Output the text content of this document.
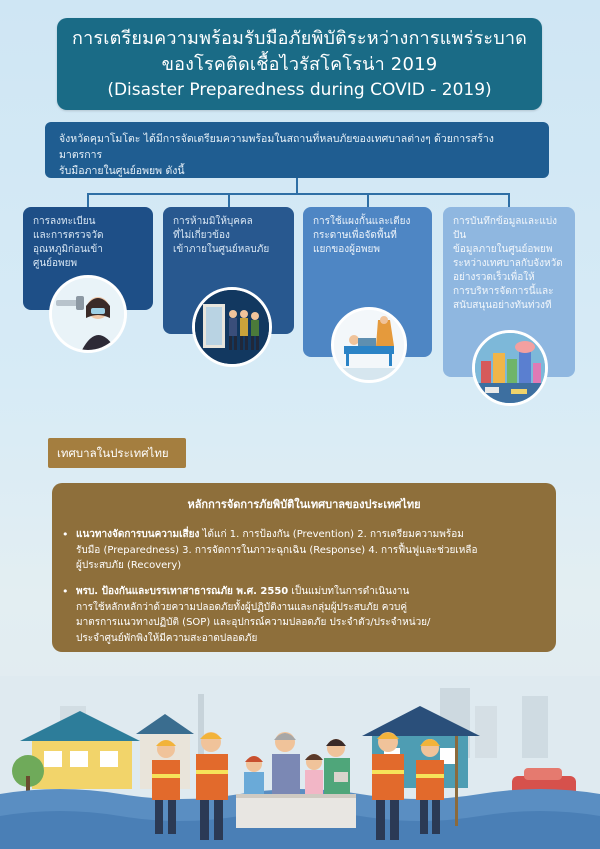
การเตรียมความพร้อมรับมือภัยพิบัติระหว่างการแพร่ระบาด
ของโรคติดเชื้อไวรัสโคโรน่า 2019
(Disaster Preparedness during COVID - 2019)
จังหวัดคุมาโมโตะ ได้มีการจัดเตรียมความพร้อมในสถานที่หลบภัยของเทศบาลต่างๆ ด้วยการสร้างมาตรการ
รับมือภายในศูนย์อพยพ ดังนี้
การลงทะเบียน
และการตรวจวัด
อุณหภูมิก่อนเข้า
ศูนย์อพยพ
การห้ามมิให้บุคคล
ที่ไม่เกี่ยวข้อง
เข้าภายในศูนย์หลบภัย
การใช้แผงกั้นและเตียง
กระดาษเพื่อจัดพื้นที่
แยกของผู้อพยพ
การบันทึกข้อมูลและแบ่งปัน
ข้อมูลภายในศูนย์อพยพ
ระหว่างเทศบาลกับจังหวัด
อย่างรวดเร็วเพื่อให้
การบริหารจัดการนี้และ
สนับสนุนอย่างทันท่วงที
เทศบาลในประเทศไทย
หลักการจัดการภัยพิบัติในเทศบาลของประเทศไทย
• แนวทางจัดการบนความเสี่ยง ได้แก่ 1. การป้องกัน (Prevention) 2. การเตรียมความพร้อม
รับมือ (Preparedness) 3. การจัดการในภาวะฉุกเฉิน (Response) 4. การฟื้นฟูและช่วยเหลือ
ผู้ประสบภัย (Recovery)
• พรบ. ป้องกันและบรรเทาสาธารณภัย พ.ศ. 2550 เป็นแม่บทในการดำเนินงาน
การใช้หลักหลักว่าด้วยความปลอดภัยทั้งผู้ปฏิบัติงานและกลุ่มผู้ประสบภัย ควบคู่
มาตรการแนวทางปฏิบัติ (SOP) และอุปกรณ์ความปลอดภัย ประจำตัว/ประจำหน่วย/
ประจำศูนย์พักพิงให้มีความสะอาดปลอดภัย
